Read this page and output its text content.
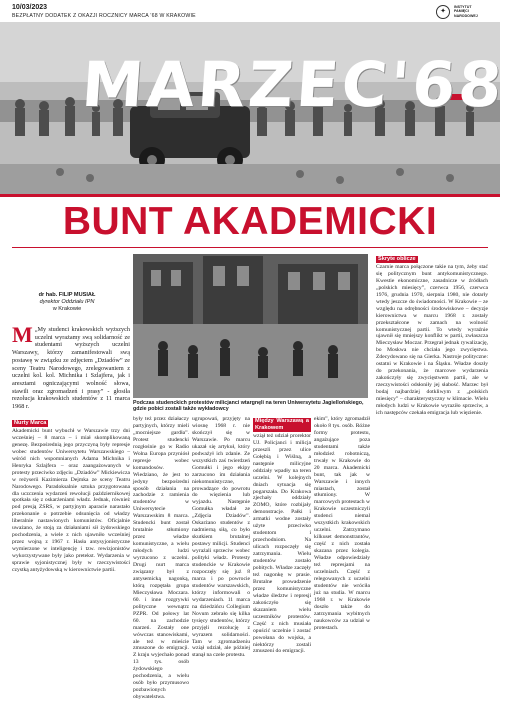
10/03/2023
BEZPŁATNY DODATEK Z OKAZJI ROCZNICY MARCA ’68 W KRAKOWIE
✦
INSTYTUT
PAMIĘCI
NARODOWEJ
MARZEC'68
BUNT AKADEMICKI
dr hab. FILIP MUSIAŁ
dyrektor Oddziału IPN
w Krakowie
M „My studenci krakowskich wyższych uczelni wyrażamy swą solidarność ze studentami wyższych uczelni Warszawy, którzy zamanifestowali swą postawę w związku ze zdjęciem „Dziadów” ze sceny Teatru Narodowego, zrelegowaniem z uczelni kol. kol. Michnika i Szlajfera, jak i aresztami ogniczającymi wolność słowa, stawili oraz zgromadzeń i prasy” - głosiła rezolucja krakowskich studentów z 11 marca 1968 r.
Nurty Marca

Akademicki bunt wybuchł w Warszawie trzy dni wcześniej – 8 marca – i miał skomplikowaną genezę. Bezpośrednią jego przyczyną były represje wobec studentów Uniwersytetu Warszawskiego – wśród nich wspomnianych Adama Michnika i Henryka Szlajfera – oraz zaangażowanych w protesty przeciwko zdjęciu „Dziadów” Mickiewicza w reżyserii Kazimierza Dejmka ze sceny Teatru Narodowego. Paradoksalnie sztuka przygotowana dla uczczenia wydarzeń rewolucji październikowej spotkała się z oskarżeniami władz. Jednak, również pod presją ZSRS, w partyjnym aparacie narastało przekonanie o potrzebie odsunięcia od władzy liberalnie nastawionych komunistów. Oficjalnie uważano, że stoją za działaniami sił żydowskiego pochodzenia, a wiele z nich ujawniło wcześniej przez wojną z 1967 r. Hasła antysyjonistyczne wymierzone w inteligencję i tzw. rewizjonistów wykorzystywane były jako pretekst. Wydarzenia w sprawie syjonistycznej były w rzeczywistości czystką antyżydowską w kierownictwie partii.

Podczas studenckich protestów milicjanci wtargnęli na teren Uniwersytetu Jagiellońskiego, gdzie pobici zostali także wykładowcy

były też przez działaczy partyjnych, którzy mieli „mocniejsze gardła”. Protest studencki rozgłośnie go w Radio Wolna Europa przyniósł represje wobec komandosów. Wiedziano, że jest to jedyny bezpośredni sposób działania na zachodzie z ramienia studentów w Uniwersytecie Warszawskim 8 marca. Studencki bunt został brutalnie stłumiony przez władze komunistyczne, a wielu młodych ludzi wyrzucono z uczelni. Drugi nurt marca związany był z antysemicką nagonką, którą rozpętała grupa Mieczysława Moczara. 60. i inne rozgrywki polityczne wewnątrz PZPR. Od połowy lat 60. na zachodzie marzeń. Zostały one wówczas stanowiskami, ale też w mieście zmuszone do emigracji. Z kraju wyjechało ponad 13 tys. osób żydowskiego pochodzenia, a wielu osób było przymusowo pozbawionych obywatelstwa.

ugrupowań, przyjęty na wiosnę 1968 r. nie skończył się w Warszawie. Po marcu ukazał się artykuł, który podważył ich zdanie. Ze wszystkich zaś twierdzeń Gomułki i jego ekipy zarzucono im działania niekomunistyczne, prowadzące do powrotu do więzienia lub wyjazdu. Następnie Gomułka władał ze „Zdjęcia Dziadów”. Oskarżano studentów z nadmierną siłą, co było skutkiem brutalnej postawy milicji. Studenci wyrażali sprzeciw wobec polityki władz. Protesty studenckie w Krakowie rozpoczęły się już 8 marca i po powrocie studentów warszawskich, którzy informowali o wydarzeniach. 11 marca na dziedzińcu Collegium Novum zebrało się kilka tysięcy studentów, którzy przyjęli rezolucję z wyrazem solidarności. Tam w zgromadzeniu wziął udział, ale później stanął na czele protestu.

Między Warszawą a Krakowem

wziął też udział prorektor UJ. Policjanci i milicja przeszli przez ulice Gołębią i Wiślną, a następnie milicyjne oddziały wpadły na teren uczelni. W kolejnych dniach sytuacja się pogarszała. Do Krakowa zjechały oddziały ZOMO, które rozbijały demonstracje. Pałki i armatki wodne zostały użyte przeciwko studentom i przechodniom. Na ulicach rozpoczęły się zatrzymania. Wielu studentów zostało pobitych. Władze zaczęły też nagonkę w prasie. Brutalne prowadzenie przez komunistyczne władze śledztw i represji zakończyło się skazaniem wielu uczestników protestów. Część z nich musiała opuścić uczelnie i zostać powołana do wojska, a niektórzy zostali zmuszeni do emigracji.

ekim”, który zgromadził około 8 tys. osób. Różne formy protestu, angażujące poza studentami także młodzież robotniczą, trwały w Krakowie do 20 marca. Akademicki bunt, tak jak w Warszawie i innych miastach, został stłumiony. W marcowych protestach w Krakowie uczestniczyli studenci niemal wszystkich krakowskich uczelni. Zatrzymano kilkuset demonstrantów, część z nich została skazana przez kolegia. Władze odpowiedziały też represjami na uczelniach. Część z relegowanych z uczelni studentów nie wróciła już na studia. W marcu 1968 r. w Krakowie doszło także do zatrzymania wybitnych naukowców za udział w protestach.

Skryte oblicze

Czarnie marca połączone takie na tym, żeby stać się politycznym bunt antykomunistycznego. Kwestie ekonomiczne, zasadnicze w źródłach „polskich miesięcy”, czerwca 1956, czerwca 1976, grudnia 1970, sierpnia 1980, nie dotarły wtedy jeszcze do świadomości. W Krakowie – ze względu na odrębności środowiskowe – decyzje kierownictwa w marcu 1968 r. zostały przekształcone w zamach na wolność komunistycznej partii. To wtedy wyraźnie ujawnił się mniejszy konflikt w partii, zwłaszcza Mieczysław Moczar. Przegrał jednak rywalizację, bo Moskwa nie chciała jego zwycięstwa. Zdecydowano się na Gierka. Nastroje polityczne: ostatni w Krakowie i na Śląsku. Władze doszły do przekonania, że marcowe wydarzenia zakończyły się zwycięstwem partii, ale w rzeczywistości odsłoniły jej słabość. Marzec był bodaj najbardziej dotkliwym z „polskich miesięcy” – charakterystyczny w klimacie. Wielu młodych ludzi w Krakowie wyraziło sprzeciw, a ich następców czekała emigracja lub więzienie.
